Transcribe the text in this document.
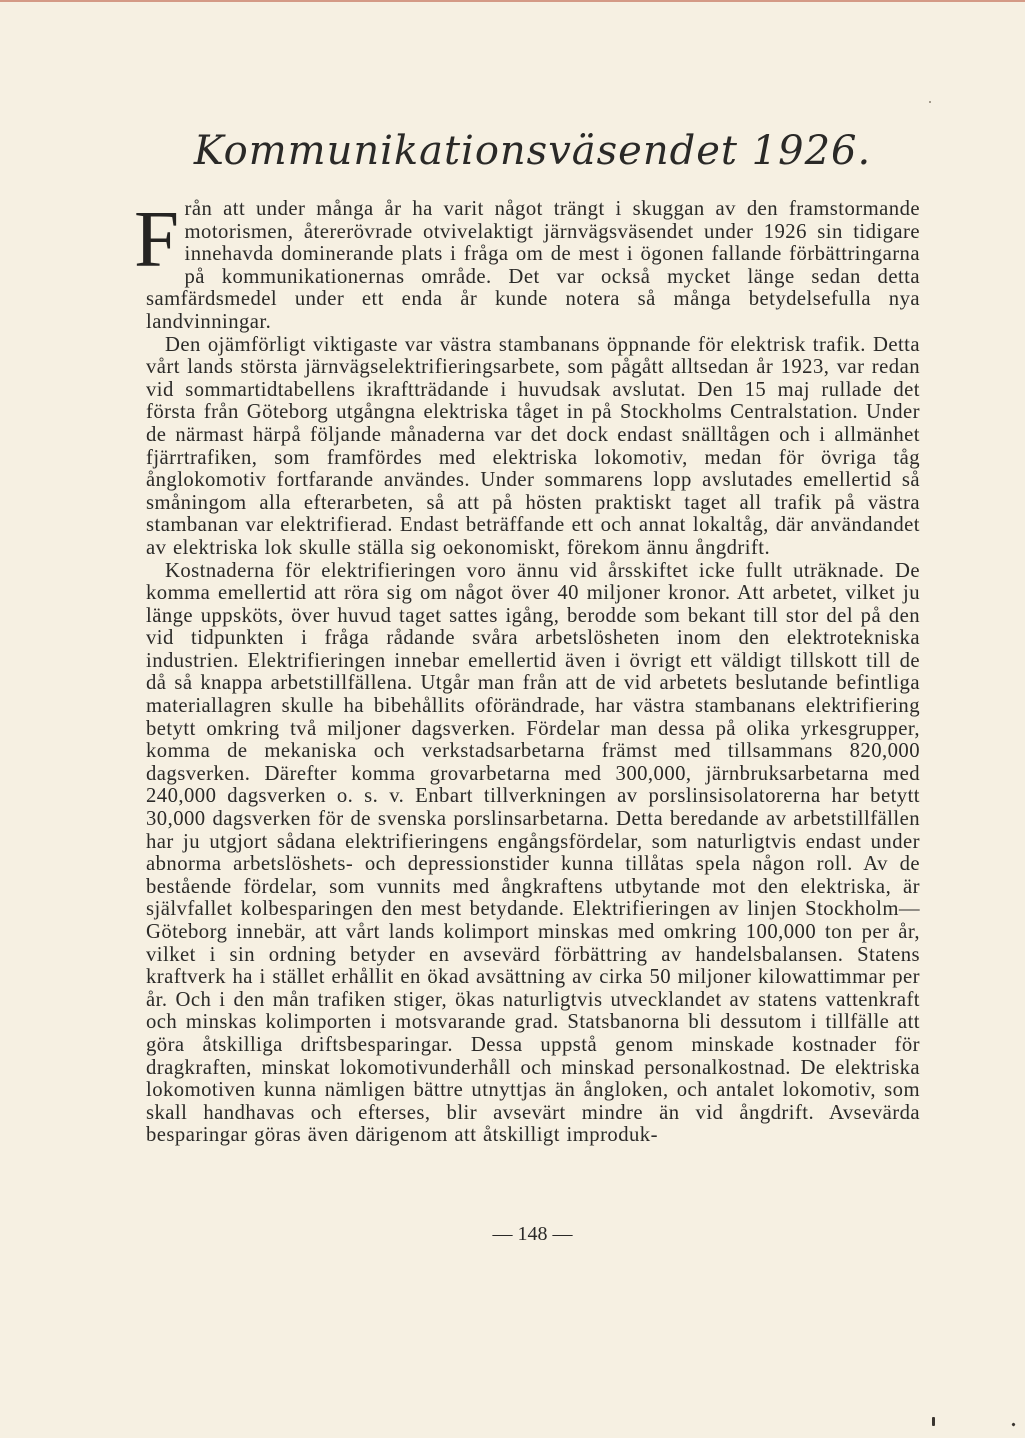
Kommunikationsväsendet 1926.

Från att under många år ha varit något trängt i skuggan av den framstormande motorismen, återerövrade otvivelaktigt järnvägsväsendet under 1926 sin tidigare innehavda dominerande plats i fråga om de mest i ögonen fallande förbättringarna på kommunikationernas område. Det var också mycket länge sedan detta samfärdsmedel under ett enda år kunde notera så många betydelsefulla nya landvinningar.

Den ojämförligt viktigaste var västra stambanans öppnande för elektrisk trafik. Detta vårt lands största järnvägselektrifieringsarbete, som pågått alltsedan år 1923, var redan vid sommartidtabellens ikraftträdande i huvudsak avslutat. Den 15 maj rullade det första från Göteborg utgångna elektriska tåget in på Stockholms Centralstation. Under de närmast härpå följande månaderna var det dock endast snälltågen och i allmänhet fjärrtrafiken, som framfördes med elektriska lokomotiv, medan för övriga tåg ånglokomotiv fortfarande användes. Under sommarens lopp avslutades emellertid så småningom alla efterarbeten, så att på hösten praktiskt taget all trafik på västra stambanan var elektrifierad. Endast beträffande ett och annat lokaltåg, där användandet av elektriska lok skulle ställa sig oekonomiskt, förekom ännu ångdrift.

Kostnaderna för elektrifieringen voro ännu vid årsskiftet icke fullt uträknade. De komma emellertid att röra sig om något över 40 miljoner kronor. Att arbetet, vilket ju länge uppsköts, över huvud taget sattes igång, berodde som bekant till stor del på den vid tidpunkten i fråga rådande svåra arbetslösheten inom den elektrotekniska industrien. Elektrifieringen innebar emellertid även i övrigt ett väldigt tillskott till de då så knappa arbetstillfällena. Utgår man från att de vid arbetets beslutande befintliga materiallagren skulle ha bibehållits oförändrade, har västra stambanans elektrifiering betytt omkring två miljoner dagsverken. Fördelar man dessa på olika yrkesgrupper, komma de mekaniska och verkstadsarbetarna främst med tillsammans 820,000 dagsverken. Därefter komma grovarbetarna med 300,000, järnbruksarbetarna med 240,000 dagsverken o. s. v. Enbart tillverkningen av porslinsisolatorerna har betytt 30,000 dagsverken för de svenska porslinsarbetarna. Detta beredande av arbetstillfällen har ju utgjort sådana elektrifieringens engångsfördelar, som naturligtvis endast under abnorma arbetslöshets- och depressionstider kunna tillåtas spela någon roll. Av de bestående fördelar, som vunnits med ångkraftens utbytande mot den elektriska, är självfallet kolbesparingen den mest betydande. Elektrifieringen av linjen Stockholm—Göteborg innebär, att vårt lands kolimport minskas med omkring 100,000 ton per år, vilket i sin ordning betyder en avsevärd förbättring av handelsbalansen. Statens kraftverk ha i stället erhållit en ökad avsättning av cirka 50 miljoner kilowattimmar per år. Och i den mån trafiken stiger, ökas naturligtvis utvecklandet av statens vattenkraft och minskas kolimporten i motsvarande grad. Statsbanorna bli dessutom i tillfälle att göra åtskilliga driftsbesparingar. Dessa uppstå genom minskade kostnader för dragkraften, minskat lokomotivunderhåll och minskad personalkostnad. De elektriska lokomotiven kunna nämligen bättre utnyttjas än ångloken, och antalet lokomotiv, som skall handhavas och efterses, blir avsevärt mindre än vid ångdrift. Avsevärda besparingar göras även därigenom att åtskilligt improduk-

— 148 —
